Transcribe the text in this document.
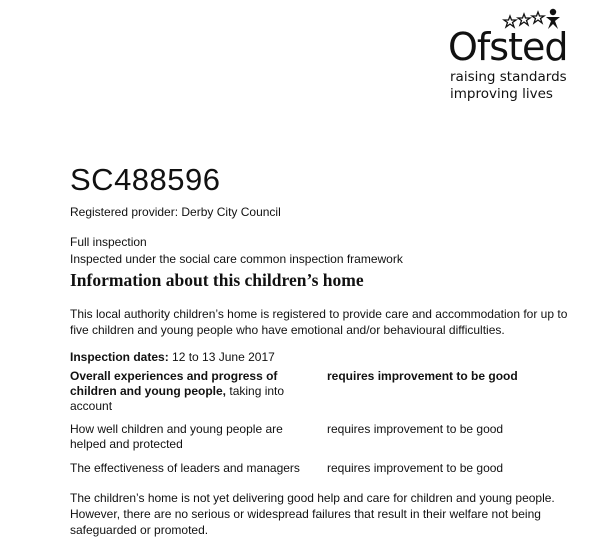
Ofsted
raising standards
improving lives
SC488596
Registered provider: Derby City Council
Full inspection
Inspected under the social care common inspection framework
Information about this children’s home
This local authority children’s home is registered to provide care and accommodation for up to five children and young people who have emotional and/or behavioural difficulties.
Inspection dates: 12 to 13 June 2017
Overall experiences and progress of children and young people, taking into account
requires improvement to be good
How well children and young people are helped and protected
requires improvement to be good
The effectiveness of leaders and managers	requires improvement to be good
The children’s home is not yet delivering good help and care for children and young people. However, there are no serious or widespread failures that result in their welfare not being safeguarded or promoted.
